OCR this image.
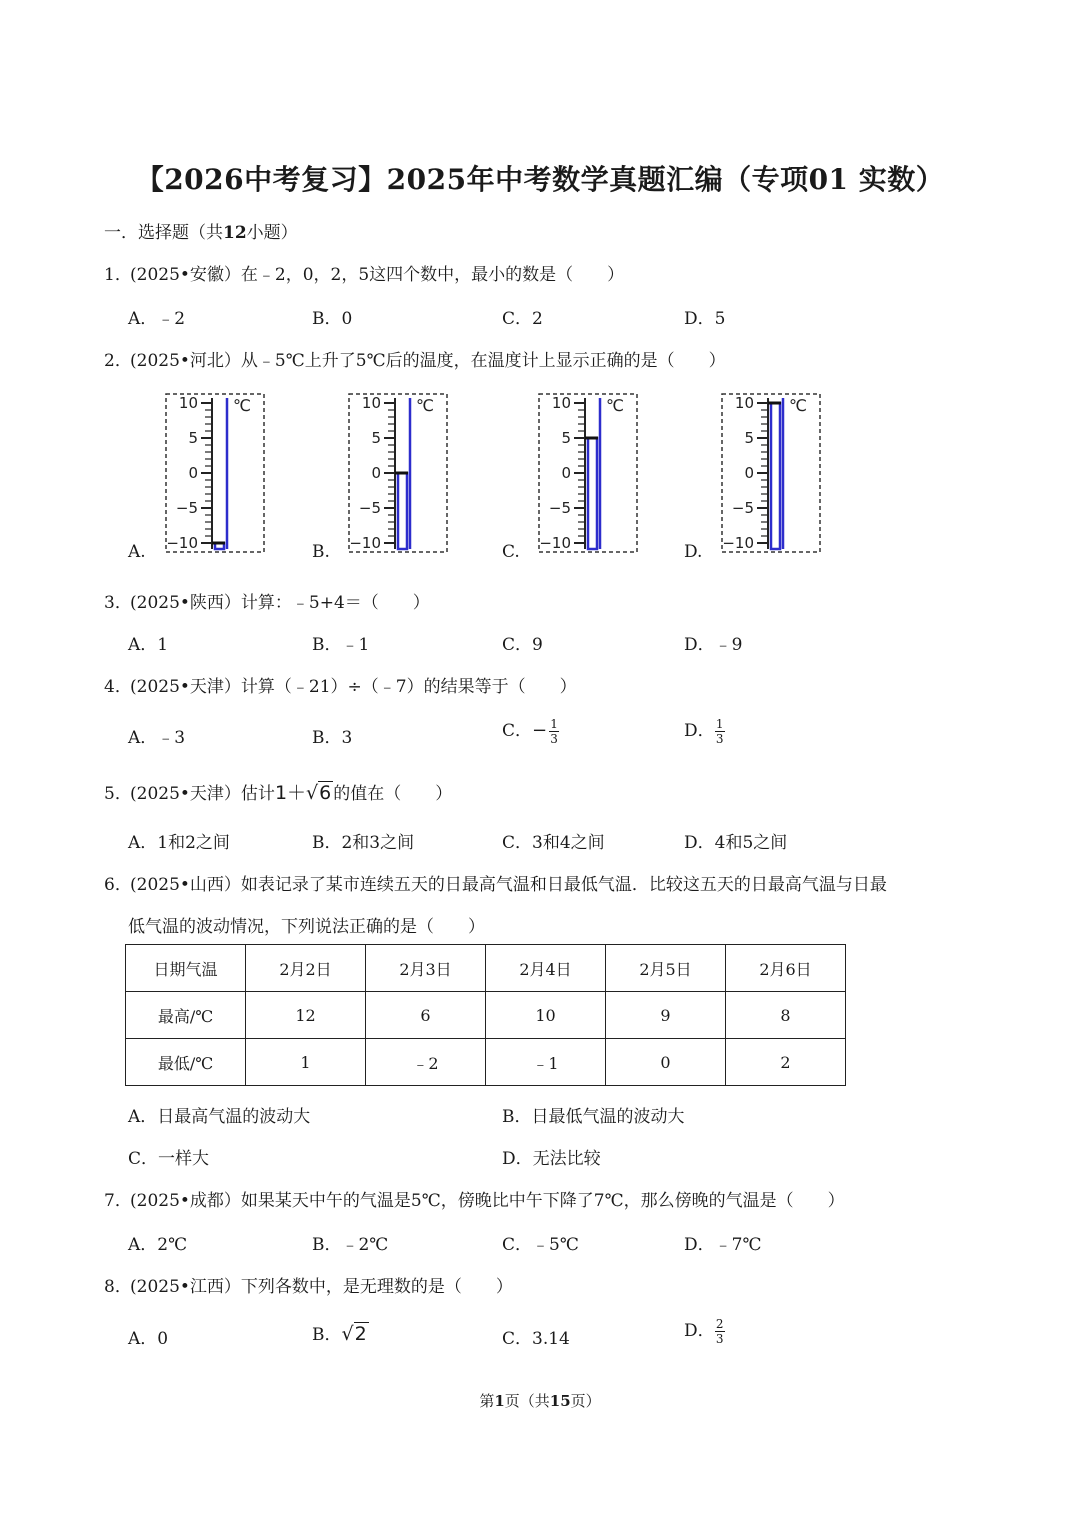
【2026中考复习】2025年中考数学真题汇编（专项01 实数）
一．选择题（共12小题）
1．(2025•安徽）在﹣2，0，2，5这四个数中，最小的数是（　　）
A．﹣2	B．0	C．2	D．5
2．(2025•河北）从﹣5℃上升了5℃后的温度，在温度计上显示正确的是（　　）
A.	B.	C.	D.
3．(2025•陕西）计算：﹣5+4＝（　　）
A．1	B．﹣1	C．9	D．﹣9
4．(2025•天津）计算（﹣21）÷（﹣7）的结果等于（　　）
A．﹣3	B．3	C．− $\frac{1}{3}$	D． $\frac{1}{3}$
5．(2025•天津）估计1＋√6 的值在（　　）
A．1和2之间	B．2和3之间	C．3和4之间	D．4和5之间
6．(2025•山西）如表记录了某市连续五天的日最高气温和日最低气温．比较这五天的日最高气温与日最
低气温的波动情况，下列说法正确的是（　　）
日期气温	2月2日	2月3日	2月4日	2月5日	2月6日
最高/℃	12	6	10	9	8
最低/℃	1	﹣2	﹣1	0	2
A．日最高气温的波动大	B．日最低气温的波动大
C．一样大	D．无法比较
7．(2025•成都）如果某天中午的气温是5℃，傍晚比中午下降了7℃，那么傍晚的气温是（　　）
A．2℃	B．﹣2℃	C．﹣5℃	D．﹣7℃
8．(2025•江西）下列各数中，是无理数的是（　　）
A．0	B．√2	C．3.14	D． $\frac{2}{3}$
第1页（共15页）
10
5
0
−5
−10
℃	10
5
0
−5
−10
℃	10
5
0
−5
−10
℃	10
5
0
−5
−10
℃
